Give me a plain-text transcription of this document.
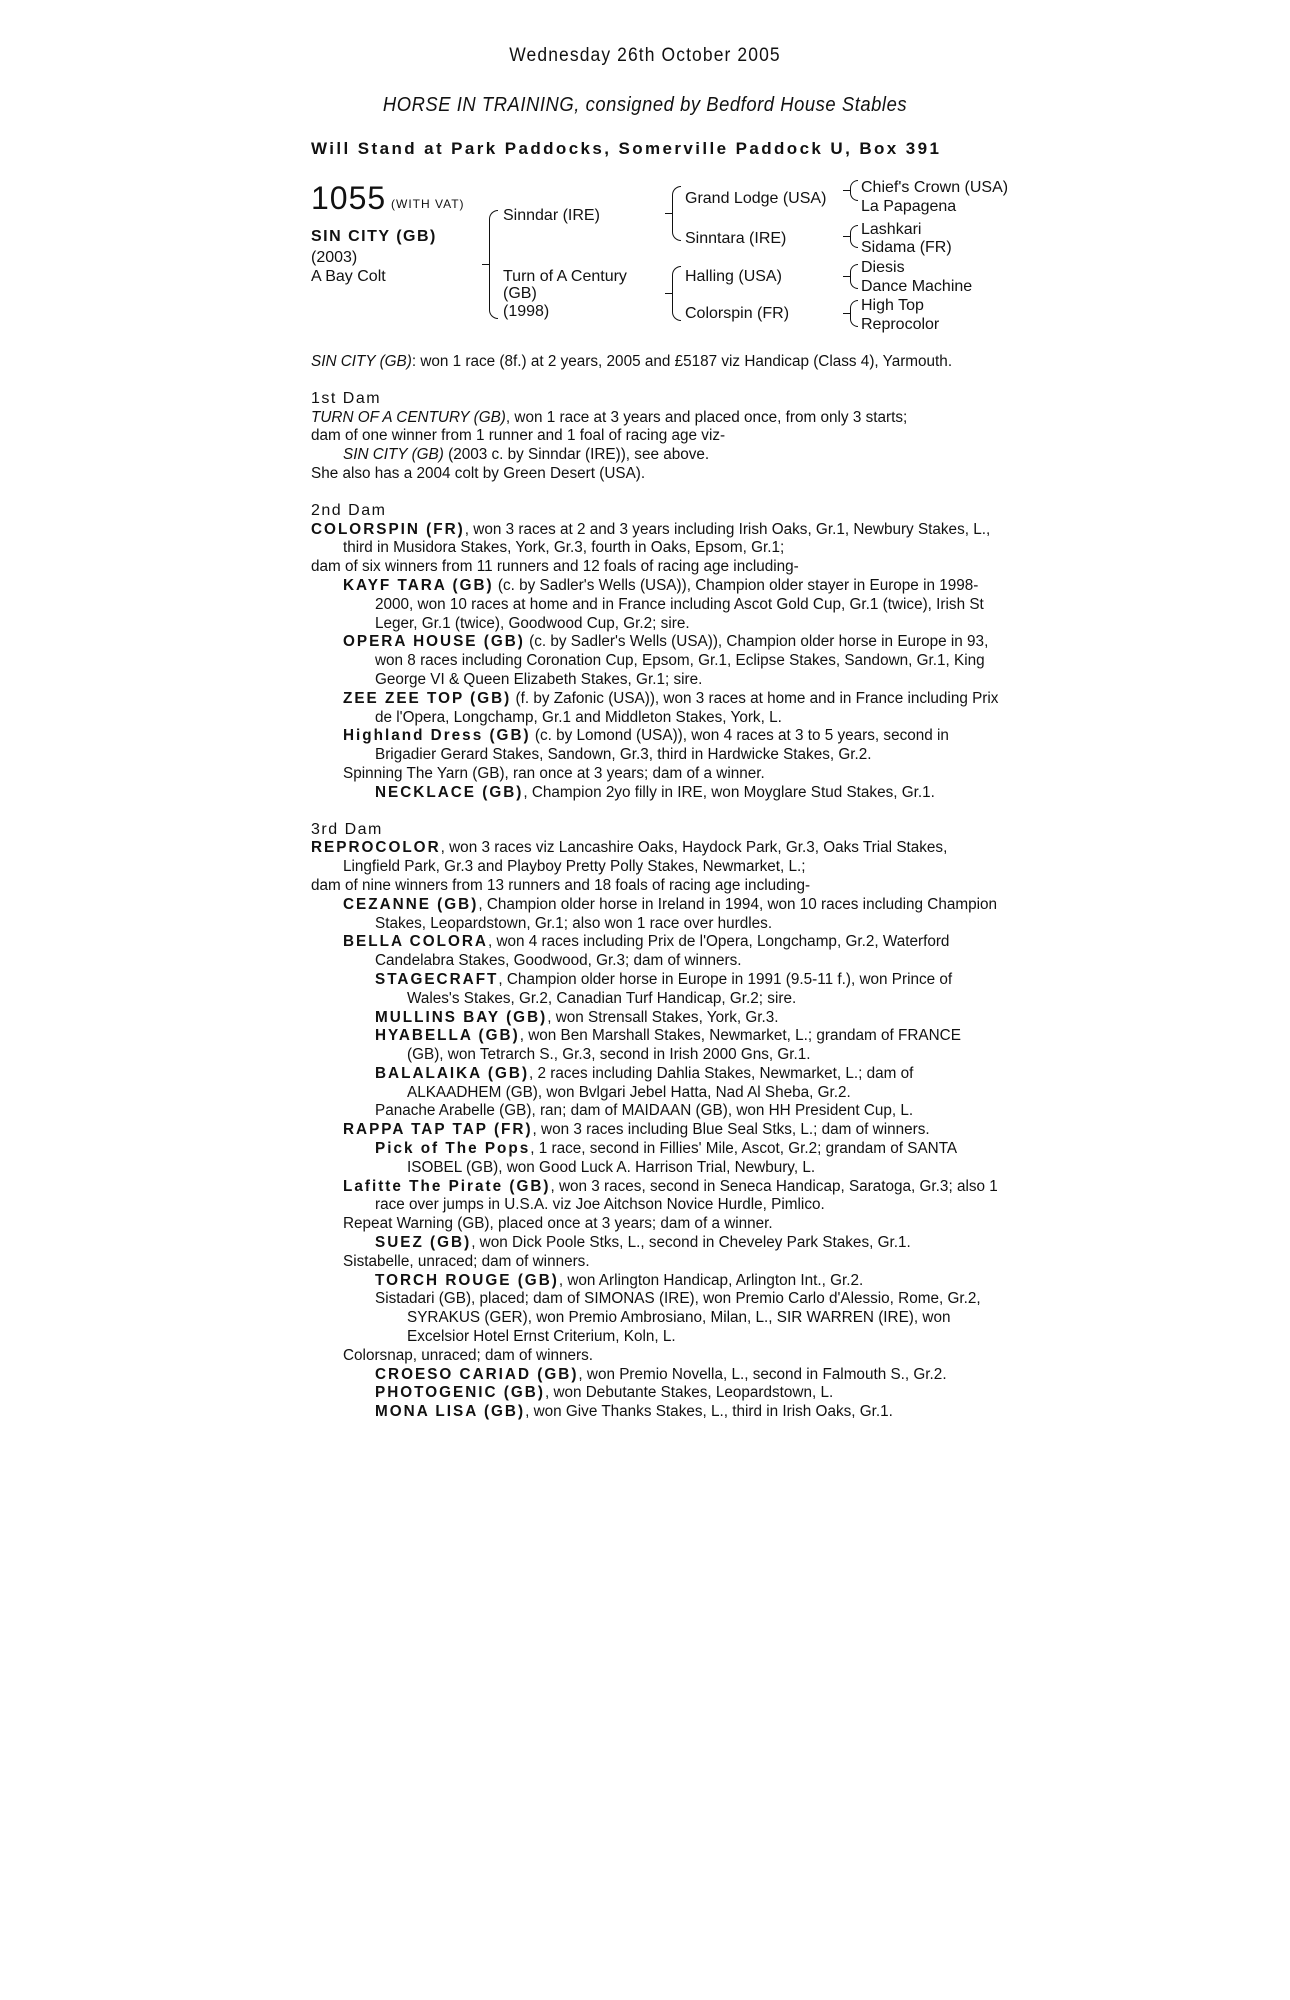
Wednesday 26th October 2005
HORSE IN TRAINING, consigned by Bedford House Stables
Will Stand at Park Paddocks, Somerville Paddock U, Box 391
1055 (WITH VAT)
SIN CITY (GB)
(2003)
A Bay Colt
Sinndar (IRE)
Turn of A Century
(GB)
(1998)
Grand Lodge (USA)
Sinntara (IRE)
Halling (USA)
Colorspin (FR)
Chief's Crown (USA)
La Papagena
Lashkari
Sidama (FR)
Diesis
Dance Machine
High Top
Reprocolor

SIN CITY (GB): won 1 race (8f.) at 2 years, 2005 and £5187 viz Handicap (Class 4), Yarmouth.

1st Dam

TURN OF A CENTURY (GB), won 1 race at 3 years and placed once, from only 3 starts;

dam of one winner from 1 runner and 1 foal of racing age viz-

SIN CITY (GB) (2003 c. by Sinndar (IRE)), see above.

She also has a 2004 colt by Green Desert (USA).

2nd Dam

COLORSPIN (FR), won 3 races at 2 and 3 years including Irish Oaks, Gr.1, Newbury Stakes, L., third in Musidora Stakes, York, Gr.3, fourth in Oaks, Epsom, Gr.1;

dam of six winners from 11 runners and 12 foals of racing age including-

KAYF TARA (GB) (c. by Sadler's Wells (USA)), Champion older stayer in Europe in 1998-2000, won 10 races at home and in France including Ascot Gold Cup, Gr.1 (twice), Irish St Leger, Gr.1 (twice), Goodwood Cup, Gr.2; sire.

OPERA HOUSE (GB) (c. by Sadler's Wells (USA)), Champion older horse in Europe in 93, won 8 races including Coronation Cup, Epsom, Gr.1, Eclipse Stakes, Sandown, Gr.1, King George VI & Queen Elizabeth Stakes, Gr.1; sire.

ZEE ZEE TOP (GB) (f. by Zafonic (USA)), won 3 races at home and in France including Prix de l'Opera, Longchamp, Gr.1 and Middleton Stakes, York, L.

Highland Dress (GB) (c. by Lomond (USA)), won 4 races at 3 to 5 years, second in Brigadier Gerard Stakes, Sandown, Gr.3, third in Hardwicke Stakes, Gr.2.

Spinning The Yarn (GB), ran once at 3 years; dam of a winner.

NECKLACE (GB), Champion 2yo filly in IRE, won Moyglare Stud Stakes, Gr.1.

3rd Dam

REPROCOLOR, won 3 races viz Lancashire Oaks, Haydock Park, Gr.3, Oaks Trial Stakes, Lingfield Park, Gr.3 and Playboy Pretty Polly Stakes, Newmarket, L.;

dam of nine winners from 13 runners and 18 foals of racing age including-

CEZANNE (GB), Champion older horse in Ireland in 1994, won 10 races including Champion Stakes, Leopardstown, Gr.1; also won 1 race over hurdles.

BELLA COLORA, won 4 races including Prix de l'Opera, Longchamp, Gr.2, Waterford Candelabra Stakes, Goodwood, Gr.3; dam of winners.

STAGECRAFT, Champion older horse in Europe in 1991 (9.5-11 f.), won Prince of Wales's Stakes, Gr.2, Canadian Turf Handicap, Gr.2; sire.

MULLINS BAY (GB), won Strensall Stakes, York, Gr.3.

HYABELLA (GB), won Ben Marshall Stakes, Newmarket, L.; grandam of FRANCE (GB), won Tetrarch S., Gr.3, second in Irish 2000 Gns, Gr.1.

BALALAIKA (GB), 2 races including Dahlia Stakes, Newmarket, L.; dam of ALKAADHEM (GB), won Bvlgari Jebel Hatta, Nad Al Sheba, Gr.2.

Panache Arabelle (GB), ran; dam of MAIDAAN (GB), won HH President Cup, L.

RAPPA TAP TAP (FR), won 3 races including Blue Seal Stks, L.; dam of winners.

Pick of The Pops, 1 race, second in Fillies' Mile, Ascot, Gr.2; grandam of SANTA ISOBEL (GB), won Good Luck A. Harrison Trial, Newbury, L.

Lafitte The Pirate (GB), won 3 races, second in Seneca Handicap, Saratoga, Gr.3; also 1 race over jumps in U.S.A. viz Joe Aitchson Novice Hurdle, Pimlico.

Repeat Warning (GB), placed once at 3 years; dam of a winner.

SUEZ (GB), won Dick Poole Stks, L., second in Cheveley Park Stakes, Gr.1.

Sistabelle, unraced; dam of winners.

TORCH ROUGE (GB), won Arlington Handicap, Arlington Int., Gr.2.

Sistadari (GB), placed; dam of SIMONAS (IRE), won Premio Carlo d'Alessio, Rome, Gr.2, SYRAKUS (GER), won Premio Ambrosiano, Milan, L., SIR WARREN (IRE), won Excelsior Hotel Ernst Criterium, Koln, L.

Colorsnap, unraced; dam of winners.

CROESO CARIAD (GB), won Premio Novella, L., second in Falmouth S., Gr.2.

PHOTOGENIC (GB), won Debutante Stakes, Leopardstown, L.

MONA LISA (GB), won Give Thanks Stakes, L., third in Irish Oaks, Gr.1.
